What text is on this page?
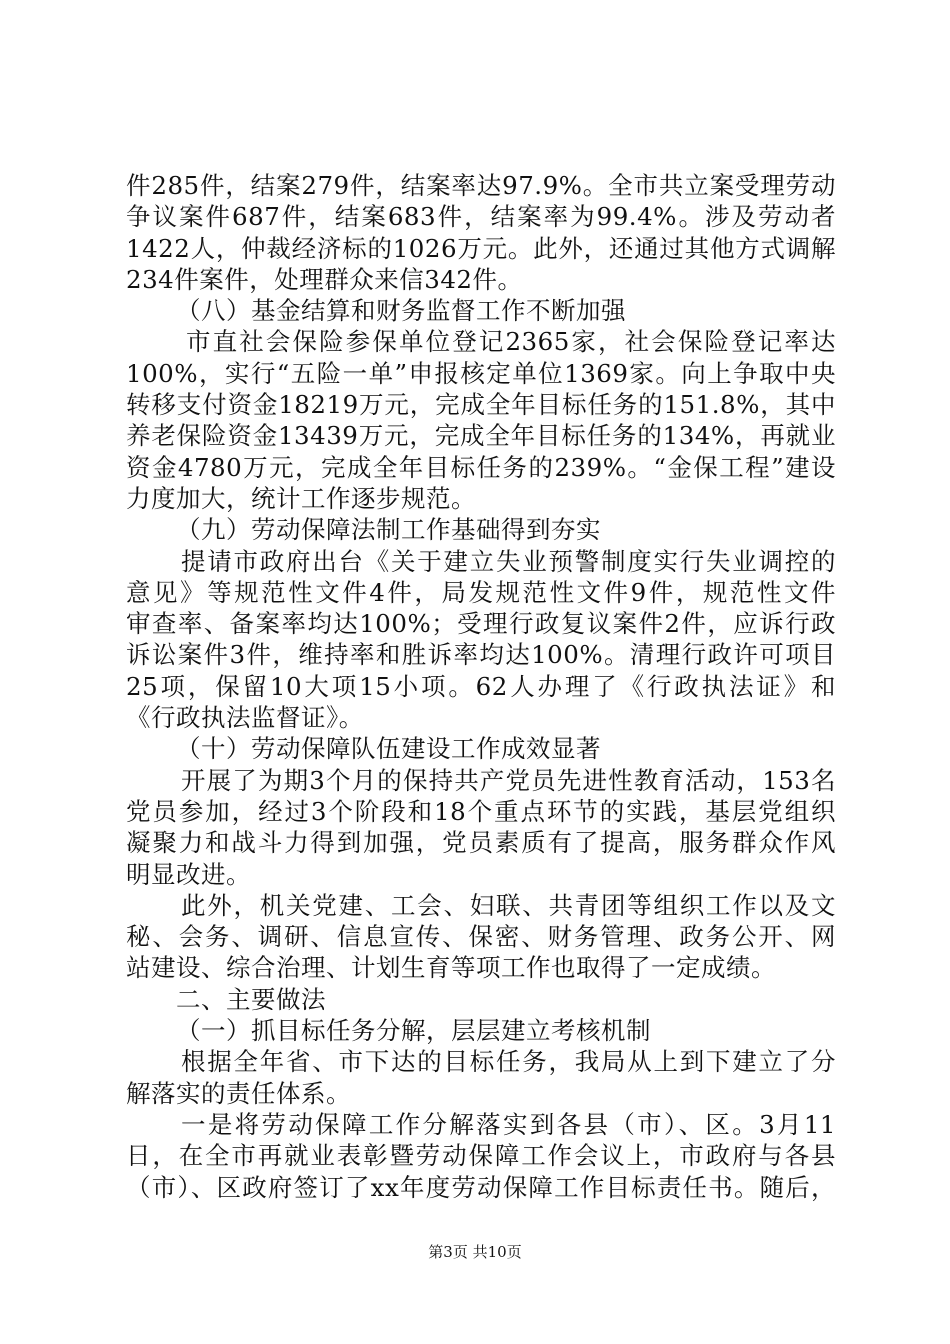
件285件，结案279件，结案率达97.9%。全市共立案受理劳动
争议案件687件，结案683件，结案率为99.4%。涉及劳动者
1422人，仲裁经济标的1026万元。此外，还通过其他方式调解
234件案件，处理群众来信342件。
（八）基金结算和财务监督工作不断加强
市直社会保险参保单位登记2365家，社会保险登记率达
100%，实行“五险一单”申报核定单位1369家。向上争取中央
转移支付资金18219万元，完成全年目标任务的151.8%，其中
养老保险资金13439万元，完成全年目标任务的134%，再就业
资金4780万元，完成全年目标任务的239%。“金保工程”建设
力度加大，统计工作逐步规范。
（九）劳动保障法制工作基础得到夯实
提请市政府出台《关于建立失业预警制度实行失业调控的
意见》等规范性文件4件，局发规范性文件9件，规范性文件
审查率、备案率均达100%；受理行政复议案件2件，应诉行政
诉讼案件3件，维持率和胜诉率均达100%。清理行政许可项目
25项，保留10大项15小项。62人办理了《行政执法证》和
《行政执法监督证》。
（十）劳动保障队伍建设工作成效显著
开展了为期3个月的保持共产党员先进性教育活动，153名
党员参加，经过3个阶段和18个重点环节的实践，基层党组织
凝聚力和战斗力得到加强，党员素质有了提高，服务群众作风
明显改进。
此外，机关党建、工会、妇联、共青团等组织工作以及文
秘、会务、调研、信息宣传、保密、财务管理、政务公开、网
站建设、综合治理、计划生育等项工作也取得了一定成绩。
二、主要做法
（一）抓目标任务分解，层层建立考核机制
根据全年省、市下达的目标任务，我局从上到下建立了分
解落实的责任体系。
一是将劳动保障工作分解落实到各县（市）、区。3月11
日，在全市再就业表彰暨劳动保障工作会议上，市政府与各县
（市）、区政府签订了xx年度劳动保障工作目标责任书。随后，
第3页 共10页
